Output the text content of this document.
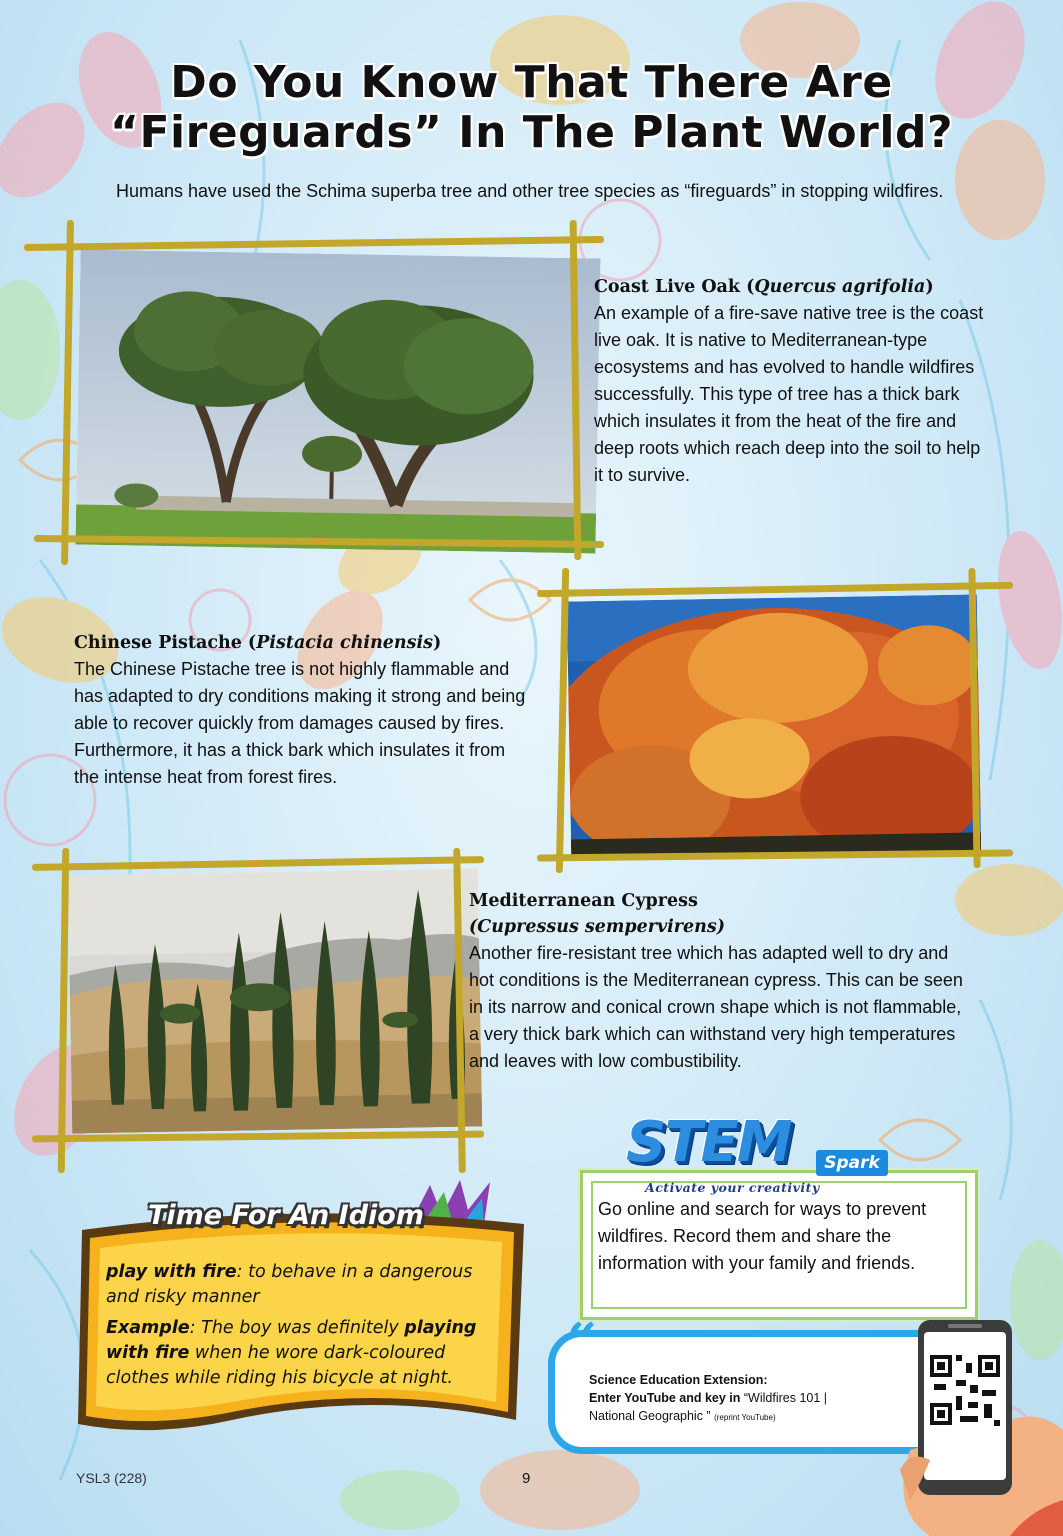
Do You Know That There Are
“Fireguards” In The Plant World?
Humans have used the Schima superba tree and other tree species as “fireguards” in stopping wildfires.
Coast Live Oak (Quercus agrifolia)
An example of a fire-save native tree is the coast live oak. It is native to Mediterranean-type ecosystems and has evolved to handle wildfires successfully. This type of tree has a thick bark which insulates it from the heat of the fire and deep roots which reach deep into the soil to help it to survive.
Chinese Pistache (Pistacia chinensis)
The Chinese Pistache tree is not highly flammable and has adapted to dry conditions making it strong and being able to recover quickly from damages caused by fires. Furthermore, it has a thick bark which insulates it from the intense heat from forest fires.
Mediterranean Cypress
(Cupressus sempervirens)
Another fire-resistant tree which has adapted well to dry and hot conditions is the Mediterranean cypress. This can be seen in its narrow and conical crown shape which is not flammable, a very thick bark which can withstand very high temperatures and leaves with low combustibility.
Time For An Idiom

play with fire: to behave in a dangerous and risky manner

Example: The boy was definitely playing with fire when he wore dark-coloured clothes while riding his bicycle at night.

STEM	Spark
Activate your creativity
Go online and search for ways to prevent wildfires. Record them and share the information with your family and friends.
“
Science Education Extension:
Enter YouTube and key in “Wildfires 101 |
National Geographic ” (reprint YouTube)
YSL3 (228)	9
